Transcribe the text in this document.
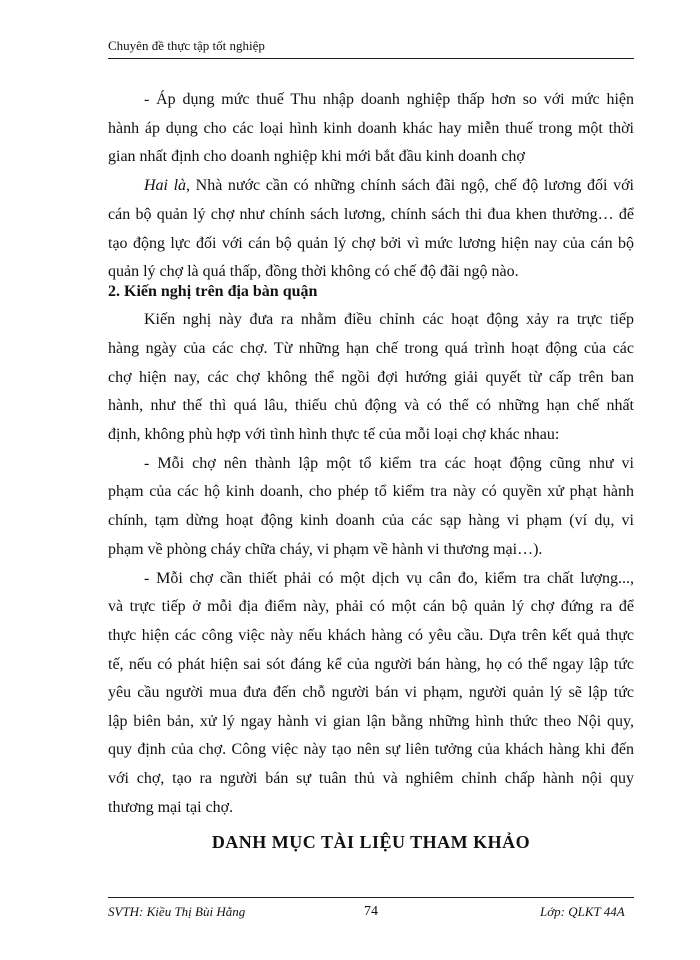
Chuyên đề thực tập tốt nghiệp
- Áp dụng mức thuế Thu nhập doanh nghiệp thấp hơn so với mức hiện
hành áp dụng cho các loại hình kinh doanh khác hay miễn thuế trong một thời
gian nhất định cho doanh nghiệp khi mới bắt đầu kinh doanh chợ
Hai là, Nhà nước cần có những chính sách đãi ngộ, chế độ lương đối với
cán bộ quản lý chợ như chính sách lương, chính sách thi đua khen thưởng… để
tạo động lực đối với cán bộ quản lý chợ bởi vì mức lương hiện nay của cán bộ
quản lý chợ là quá thấp, đồng thời không có chế độ đãi ngộ nào.
2. Kiến nghị trên địa bàn quận
Kiến nghị này đưa ra nhằm điều chỉnh các hoạt động xảy ra trực tiếp
hàng ngày của các chợ. Từ những hạn chế trong quá trình hoạt động của các
chợ hiện nay, các chợ không thể ngồi đợi hướng giải quyết từ cấp trên ban
hành, như thế thì quá lâu, thiếu chủ động và có thể có những hạn chế nhất
định, không phù hợp với tình hình thực tế của mỗi loại chợ khác nhau:
- Mỗi chợ nên thành lập một tổ kiểm tra các hoạt động cũng như vi
phạm của các hộ kinh doanh, cho phép tổ kiểm tra này có quyền xử phạt hành
chính, tạm dừng hoạt động kinh doanh của các sạp hàng vi phạm (ví dụ, vi
phạm về phòng cháy chữa cháy, vi phạm về hành vi thương mại…).
- Mỗi chợ cần thiết phải có một dịch vụ cân đo, kiểm tra chất lượng...,
và trực tiếp ở mỗi địa điểm này, phải có một cán bộ quản lý chợ đứng ra để
thực hiện các công việc này nếu khách hàng có yêu cầu. Dựa trên kết quả thực
tế, nếu có phát hiện sai sót đáng kể của người bán hàng, họ có thể ngay lập tức
yêu cầu người mua đưa đến chỗ người bán vi phạm, người quản lý sẽ lập tức
lập biên bản, xử lý ngay hành vi gian lận bằng những hình thức theo Nội quy,
quy định của chợ. Công việc này tạo nên sự liên tưởng của khách hàng khi đến
với chợ, tạo ra người bán sự tuân thủ và nghiêm chỉnh chấp hành nội quy
thương mại tại chợ.
DANH MỤC TÀI LIỆU THAM KHẢO
SVTH: Kiều Thị Bùi Hằng	74	Lớp: QLKT 44A
